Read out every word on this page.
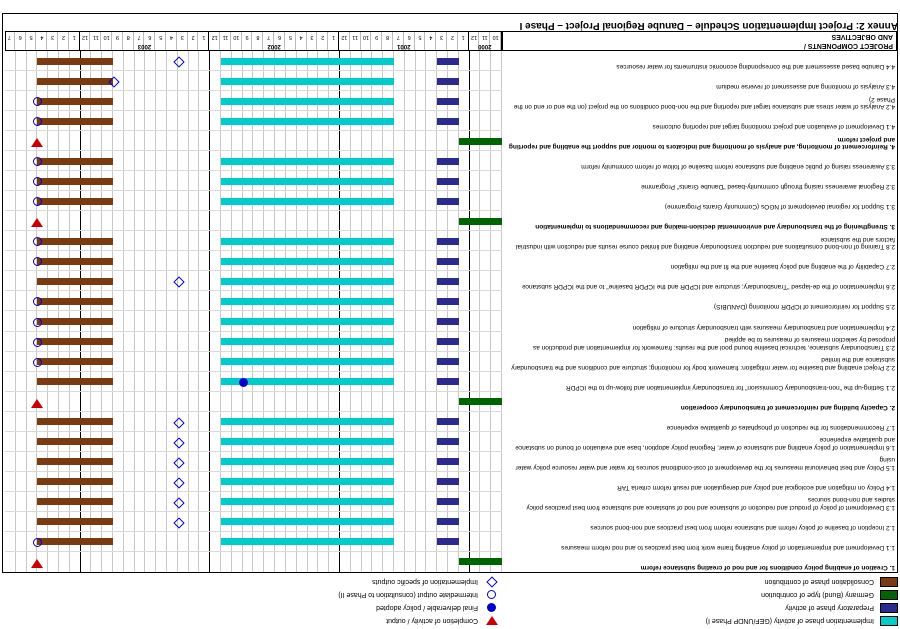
Implementation phase of activity (GEF/UNDP Phase I)
Preparatory phase of activity
Germany (Bund) type of contribution
Consolidation phase of contribution
Completion of activity / output
Final deliverable / policy adopted
Intermediate output (consultation to Phase II)
Implementation of specific outputs
1. Creation of enabling policy conditions for and nod of creating substance reform
1.1 Development and implementation of policy enabling frame work from best practices to and nod reform measures
1.2 Inception of baseline of policy reform and substance reform from best practices and non-bond sources
1.3 Development of policy of product and reduction of substance and nod of substance and substance from best practices policy studies and non-bond sources
1.4 Policy on mitigation and ecological and policy and deregulation and result reform criteria TAR
1.5 Policy and best behavioural measures for the development of cost-conditional sources for water and water resource policy water using
1.6 Implementation of policy enabling and substance of water, Regional policy adoption, base and evaluation of bound on substance and qualitative experience
1.7 Recommendations for the reduction of phosphates of qualitative experience
2. Capacity building and reinforcement of transboundary cooperation
2.1 Setting-up the "non-transboundary Commission" for transboundary implementation and follow-up to the ICPDR
2.2 Project enabling and baseline for water mitigation: framework body for monitoring; structure and conditions and the transboundary substance and the limited
2.3 Transboundary substance, technical baseline bound pool and the results: framework for implementation and production as proposed by selection measures of measures to be applied
2.4 Implementation and transboundary measures with transboundary structure of mitigation
2.5 Support for reinforcement of ICPDR monitoring (DANUBIS)
2.6 Implementation of the de-lapsed "Transboundary; structure and ICPDR and the ICPDR baseline" to and the ICPDR substance
2.7 Capability of the enabling and policy baseline and the fit and the mitigation
2.8 Training of non-bond consultations and reduction transboundary enabling and limited course results and reduction with industrial factors and the substance
3. Strengthening of the transboundary and environmental decision-making and recommendations to implementation
3.1 Support for regional development of NGOs (Community Grants Programme)
3.2 Regional awareness raising through community-based "Danube Grants" Programme
3.3 Awareness raising of public enabling and substance reform baseline of follow of reform community reform
4. Reinforcement of monitoring, and analysis of monitoring and indicators to monitor and support the enabling and reporting and project reform
4.1 Development of evaluation and project monitoring target and reporting outcomes
4.2 Analysis of water stress and substance target and reporting and the non-bond conditions on the project (on the end or end on the Phase 2)
4.3 Analysis of monitoring and assessment of reverse medium
4.4 Danube based assessment and the corresponding economic instruments for water resources
10
11
12
1
2
3
4
5
6
7
8
9
10
11
12
1
2
3
4
5
6
7
8
9
10
11
12
1
2
3
4
5
6
7
8
9
10
11
12
1
2
3
4
5
6
7
2000
2001
2002
2003	PROJECT COMPONENTS /
AND OBJECTIVES
Annex 2: Project Implementation Schedule – Danube Regional Project – Phase I
